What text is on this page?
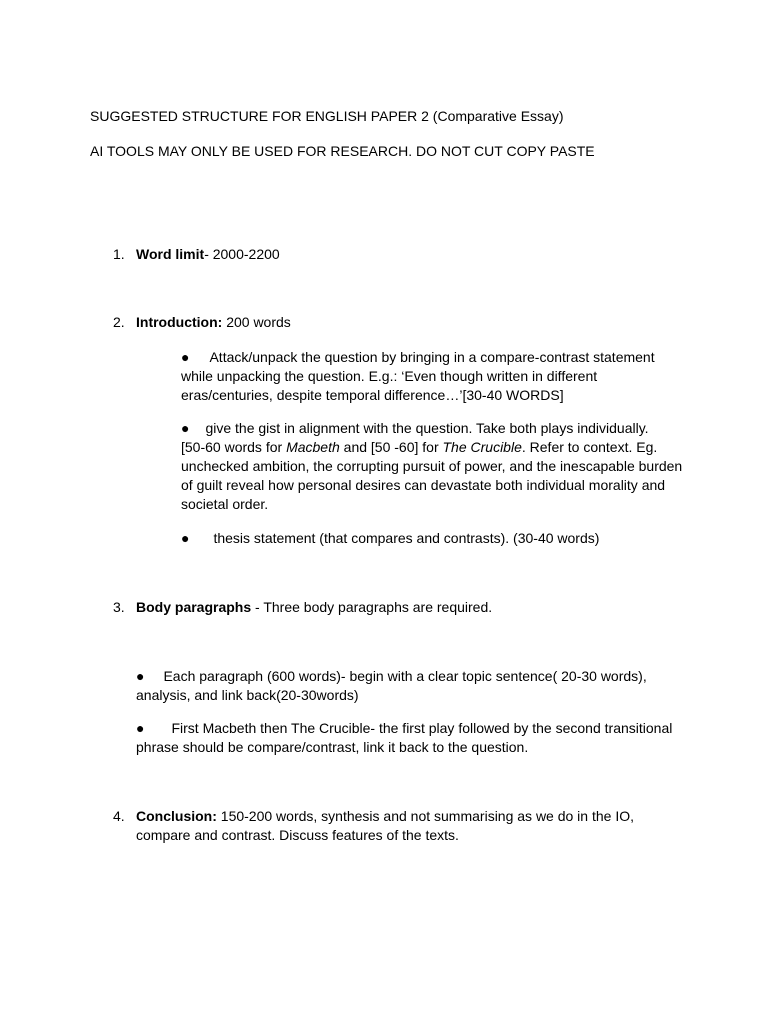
SUGGESTED STRUCTURE FOR ENGLISH PAPER 2 (Comparative Essay)
AI TOOLS MAY ONLY BE USED FOR RESEARCH. DO NOT CUT COPY PASTE
1. Word limit- 2000-2200
2. Introduction: 200 words

● Attack/unpack the question by bringing in a compare-contrast statement

while unpacking the question. E.g.: ‘Even though written in different

eras/centuries, despite temporal difference…’[30-40 WORDS]

● give the gist in alignment with the question. Take both plays individually.

[50-60 words for Macbeth and [50 -60] for The Crucible. Refer to context. Eg.

unchecked ambition, the corrupting pursuit of power, and the inescapable burden

of guilt reveal how personal desires can devastate both individual morality and

societal order.

● thesis statement (that compares and contrasts). (30-40 words)

3. Body paragraphs - Three body paragraphs are required.

● Each paragraph (600 words)- begin with a clear topic sentence( 20-30 words),

analysis, and link back(20-30words)

● First Macbeth then The Crucible- the first play followed by the second transitional

phrase should be compare/contrast, link it back to the question.

4. Conclusion: 150-200 words, synthesis and not summarising as we do in the IO,

compare and contrast. Discuss features of the texts.
